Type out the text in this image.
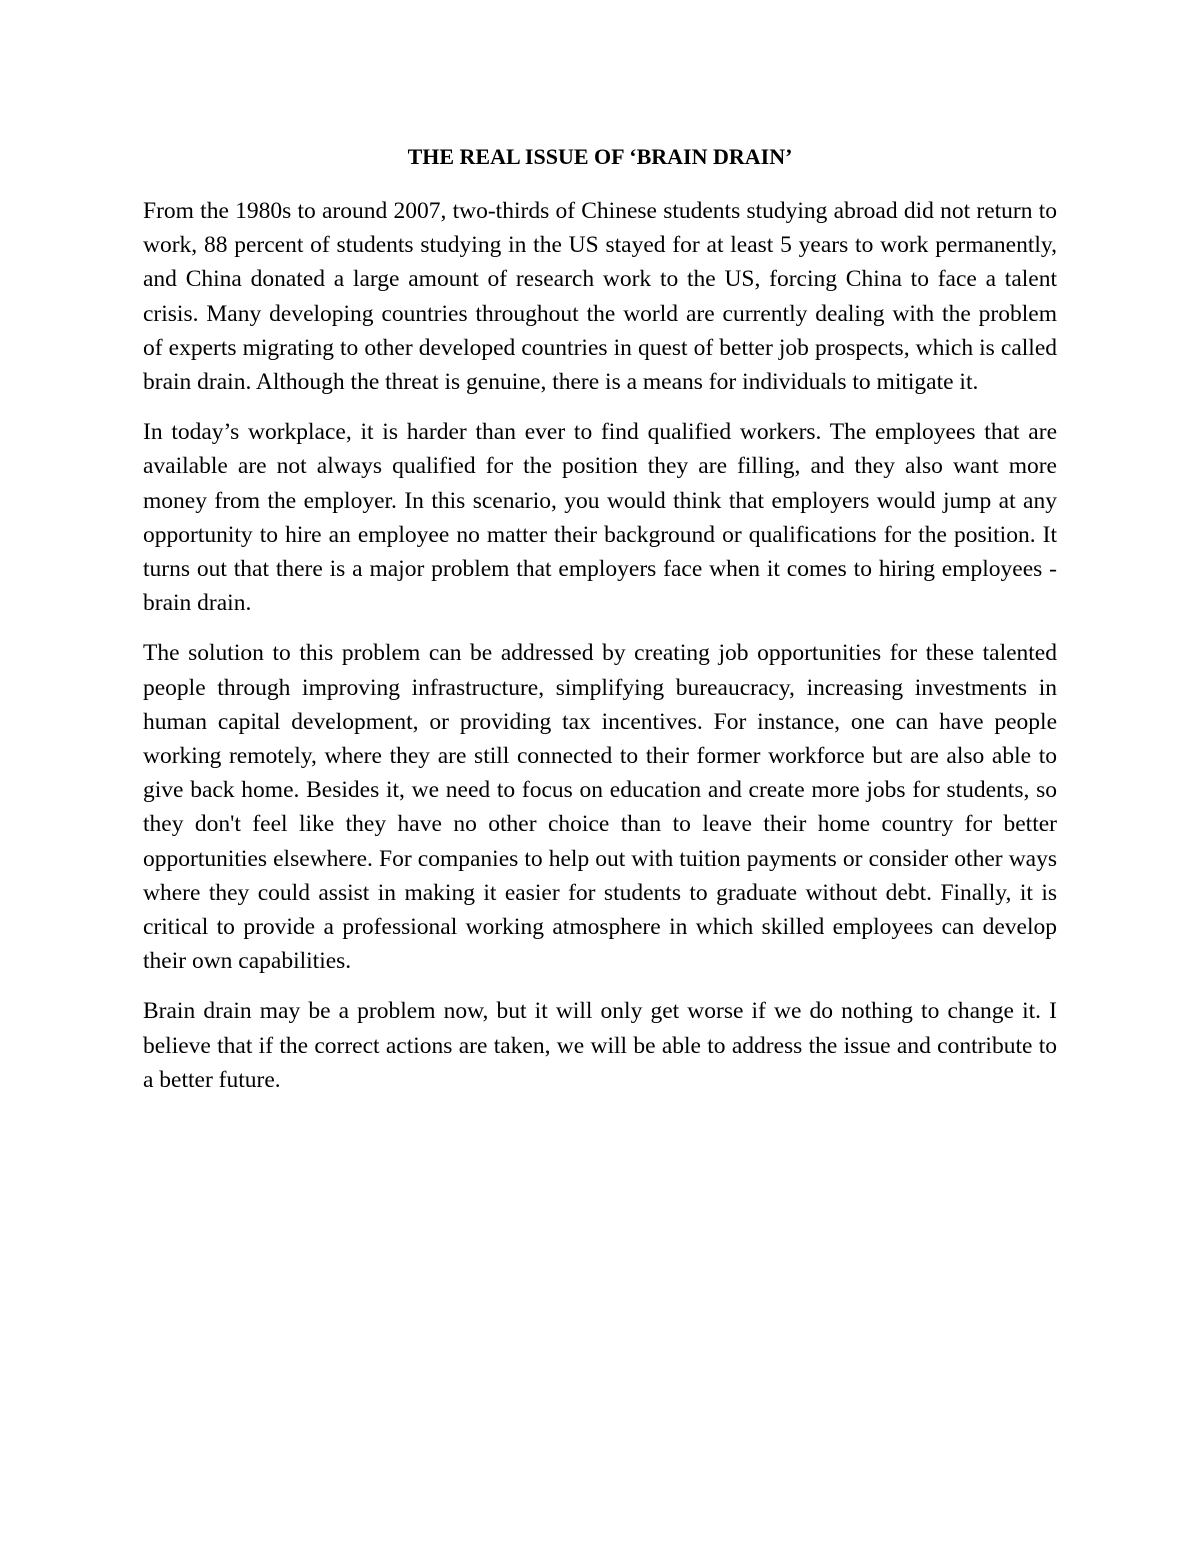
THE REAL ISSUE OF ‘BRAIN DRAIN’

From the 1980s to around 2007, two-thirds of Chinese students studying abroad did not return to work, 88 percent of students studying in the US stayed for at least 5 years to work permanently, and China donated a large amount of research work to the US, forcing China to face a talent crisis. Many developing countries throughout the world are currently dealing with the problem of experts migrating to other developed countries in quest of better job prospects, which is called brain drain. Although the threat is genuine, there is a means for individuals to mitigate it.

In today’s workplace, it is harder than ever to find qualified workers. The employees that are available are not always qualified for the position they are filling, and they also want more money from the employer. In this scenario, you would think that employers would jump at any opportunity to hire an employee no matter their background or qualifications for the position. It turns out that there is a major problem that employers face when it comes to hiring employees - brain drain.

The solution to this problem can be addressed by creating job opportunities for these talented people through improving infrastructure, simplifying bureaucracy, increasing investments in human capital development, or providing tax incentives. For instance, one can have people working remotely, where they are still connected to their former workforce but are also able to give back home. Besides it, we need to focus on education and create more jobs for students, so they don't feel like they have no other choice than to leave their home country for better opportunities elsewhere. For companies to help out with tuition payments or consider other ways where they could assist in making it easier for students to graduate without debt. Finally, it is critical to provide a professional working atmosphere in which skilled employees can develop their own capabilities.

Brain drain may be a problem now, but it will only get worse if we do nothing to change it. I believe that if the correct actions are taken, we will be able to address the issue and contribute to a better future.
